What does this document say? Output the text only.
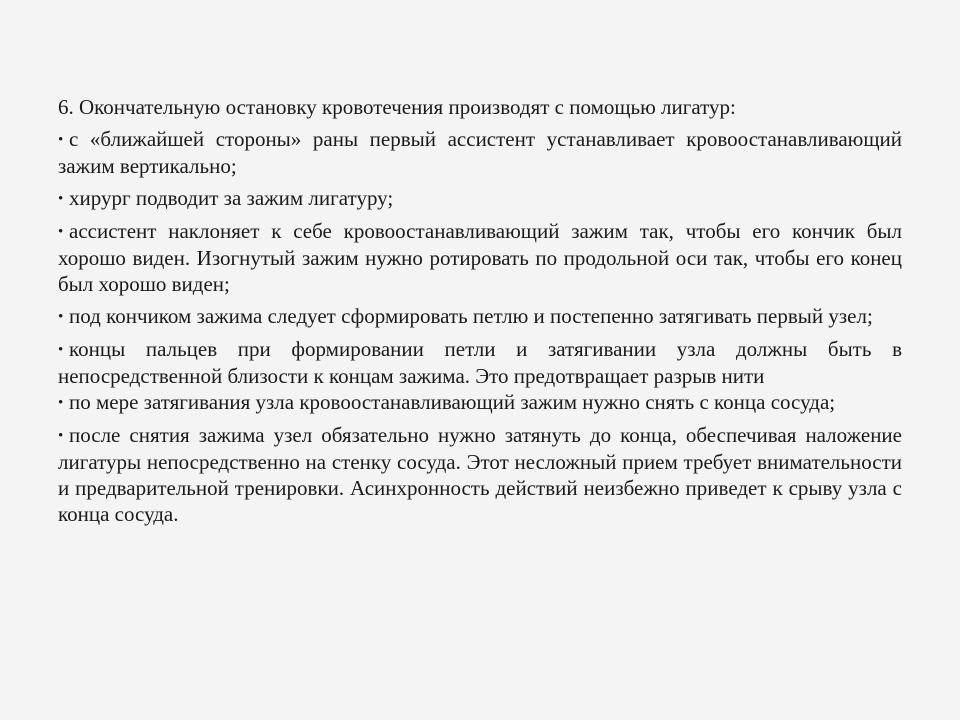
6. Окончательную остановку кровотечения производят с помощью лигатур:

• с «ближайшей стороны» раны первый ассистент устанавливает кровоостанавливающий зажим вертикально;
• хирург подводит за зажим лигатуру;
• ассистент наклоняет к себе кровоостанавливающий зажим так, чтобы его кончик был хорошо виден. Изогнутый зажим нужно ротировать по продольной оси так, чтобы его конец был хорошо виден;
• под кончиком зажима следует сформировать петлю и постепенно затягивать первый узел;
• концы пальцев при формировании петли и затягивании узла должны быть в непосредственной близости к концам зажима. Это предотвращает разрыв нити
• по мере затягивания узла кровоостанавливающий зажим нужно снять с конца сосуда;
• после снятия зажима узел обязательно нужно затянуть до конца, обеспечивая наложение лигатуры непосредственно на стенку сосуда. Этот несложный прием требует внимательности и предварительной тренировки. Асинхронность действий неизбежно приведет к срыву узла с конца сосуда.
